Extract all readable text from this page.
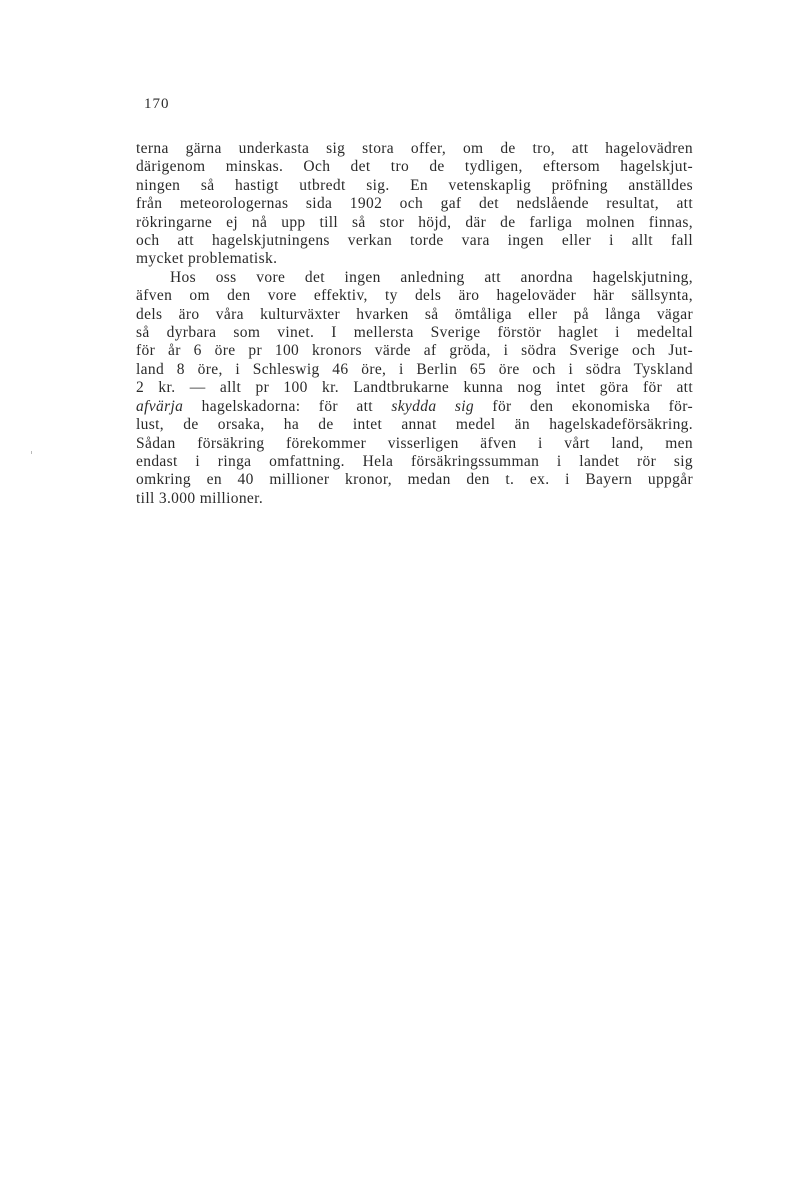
170
terna gärna underkasta sig stora offer, om de tro, att hagelovädren
därigenom minskas. Och det tro de tydligen, eftersom hagelskjut-
ningen så hastigt utbredt sig. En vetenskaplig pröfning anställdes
från meteorologernas sida 1902 och gaf det nedslående resultat, att
rökringarne ej nå upp till så stor höjd, där de farliga molnen finnas,
och att hagelskjutningens verkan torde vara ingen eller i allt fall
mycket problematisk.
Hos oss vore det ingen anledning att anordna hagelskjutning,
äfven om den vore effektiv, ty dels äro hageloväder här sällsynta,
dels äro våra kulturväxter hvarken så ömtåliga eller på långa vägar
så dyrbara som vinet. I mellersta Sverige förstör haglet i medeltal
för år 6 öre pr 100 kronors värde af gröda, i södra Sverige och Jut-
land 8 öre, i Schleswig 46 öre, i Berlin 65 öre och i södra Tyskland
2 kr. — allt pr 100 kr. Landtbrukarne kunna nog intet göra för att
afvärja hagelskadorna: för att skydda sig för den ekonomiska för-
lust, de orsaka, ha de intet annat medel än hagelskadeförsäkring.
Sådan försäkring förekommer visserligen äfven i vårt land, men
endast i ringa omfattning. Hela försäkringssumman i landet rör sig
omkring en 40 millioner kronor, medan den t. ex. i Bayern uppgår
till 3.000 millioner.
